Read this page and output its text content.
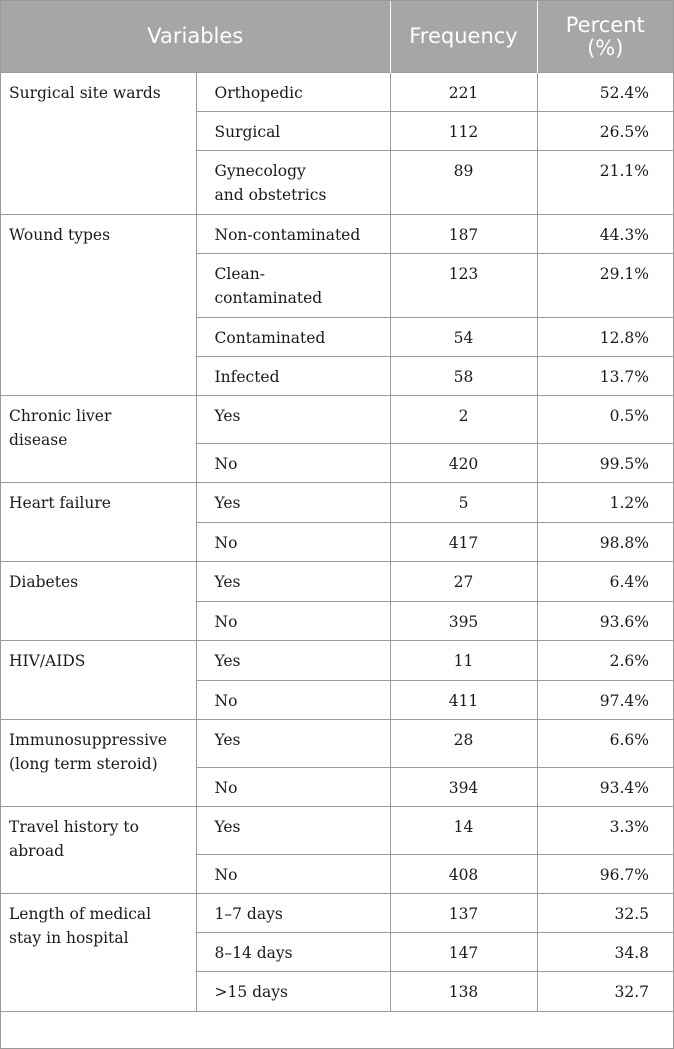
Variables		Frequency	Percent
(%)

Surgical site wards	Orthopedic	221	52.4%

	Surgical	112	26.5%

	Gynecology
and obstetrics	89	21.1%

Wound types	Non-contaminated	187	44.3%

	Clean-
contaminated	123	29.1%

	Contaminated	54	12.8%

	Infected	58	13.7%

Chronic liver
disease	Yes	2	0.5%

	No	420	99.5%

Heart failure	Yes	5	1.2%

	No	417	98.8%

Diabetes	Yes	27	6.4%

	No	395	93.6%

HIV/AIDS	Yes	11	2.6%

	No	411	97.4%

Immunosuppressive
(long term steroid)	Yes	28	6.6%

	No	394	93.4%

Travel history to
abroad	Yes	14	3.3%

	No	408	96.7%

Length of medical
stay in hospital	1–7 days	137	32.5

	8–14 days	147	34.8

	>15 days	138	32.7
